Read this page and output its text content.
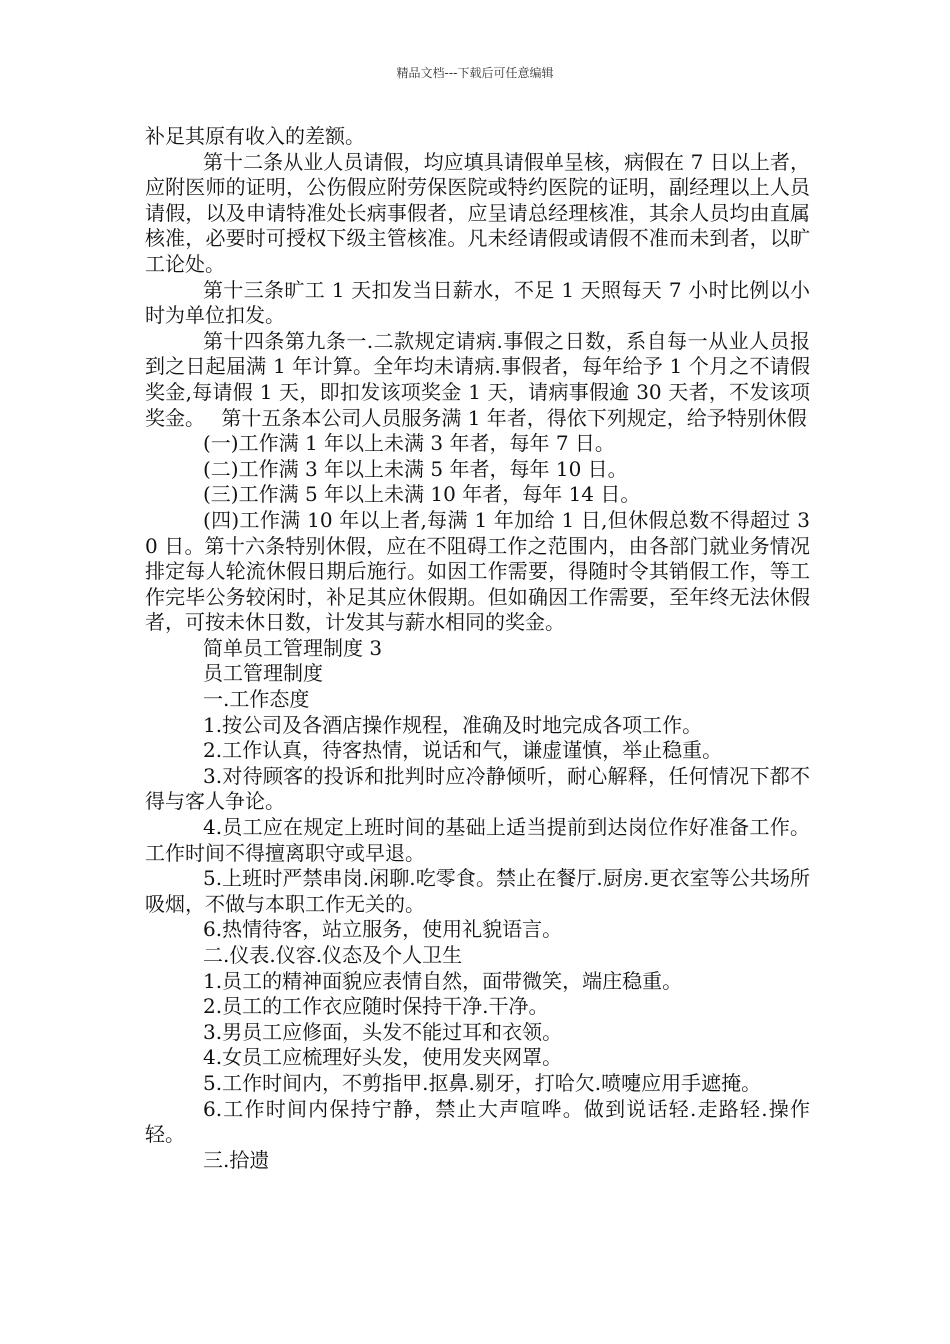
精品文档---下载后可任意编辑

补足其原有收入的差额。

第十二条从业人员请假，均应填具请假单呈核，病假在 7 日以上者，应附医师的证明，公伤假应附劳保医院或特约医院的证明，副经理以上人员请假，以及申请特准处长病事假者，应呈请总经理核准，其余人员均由直属核准，必要时可授权下级主管核准。凡未经请假或请假不准而未到者，以旷工论处。

第十三条旷工 1 天扣发当日薪水，不足 1 天照每天 7 小时比例以小时为单位扣发。

第十四条第九条一.二款规定请病.事假之日数，系自每一从业人员报到之日起届满 1 年计算。全年均未请病.事假者，每年给予 1 个月之不请假奖金,每请假 1 天，即扣发该项奖金 1 天，请病事假逾 30 天者，不发该项奖金。　 第十五条本公司人员服务满 1 年者，得依下列规定，给予特别休假

(一)工作满 1 年以上未满 3 年者，每年 7 日。

(二)工作满 3 年以上未满 5 年者，每年 10 日。

(三)工作满 5 年以上未满 10 年者，每年 14 日。

(四)工作满 10 年以上者,每满 1 年加给 1 日,但休假总数不得超过 30 日。第十六条特别休假，应在不阻碍工作之范围内，由各部门就业务情况排定每人轮流休假日期后施行。如因工作需要，得随时令其销假工作，等工作完毕公务较闲时，补足其应休假期。但如确因工作需要，至年终无法休假者，可按未休日数，计发其与薪水相同的奖金。

简单员工管理制度 3

员工管理制度

一.工作态度

1.按公司及各酒店操作规程，准确及时地完成各项工作。

2.工作认真，待客热情，说话和气，谦虚谨慎，举止稳重。

3.对待顾客的投诉和批判时应冷静倾听，耐心解释，任何情况下都不得与客人争论。

4.员工应在规定上班时间的基础上适当提前到达岗位作好准备工作。工作时间不得擅离职守或早退。

5.上班时严禁串岗.闲聊.吃零食。禁止在餐厅.厨房.更衣室等公共场所吸烟，不做与本职工作无关的。

6.热情待客，站立服务，使用礼貌语言。

二.仪表.仪容.仪态及个人卫生

1.员工的精神面貌应表情自然，面带微笑，端庄稳重。

2.员工的工作衣应随时保持干净.干净。

3.男员工应修面，头发不能过耳和衣领。

4.女员工应梳理好头发，使用发夹网罩。

5.工作时间内，不剪指甲.抠鼻.剔牙，打哈欠.喷嚏应用手遮掩。

6.工作时间内保持宁静，禁止大声喧哗。做到说话轻.走路轻.操作轻。

三.拾遗
